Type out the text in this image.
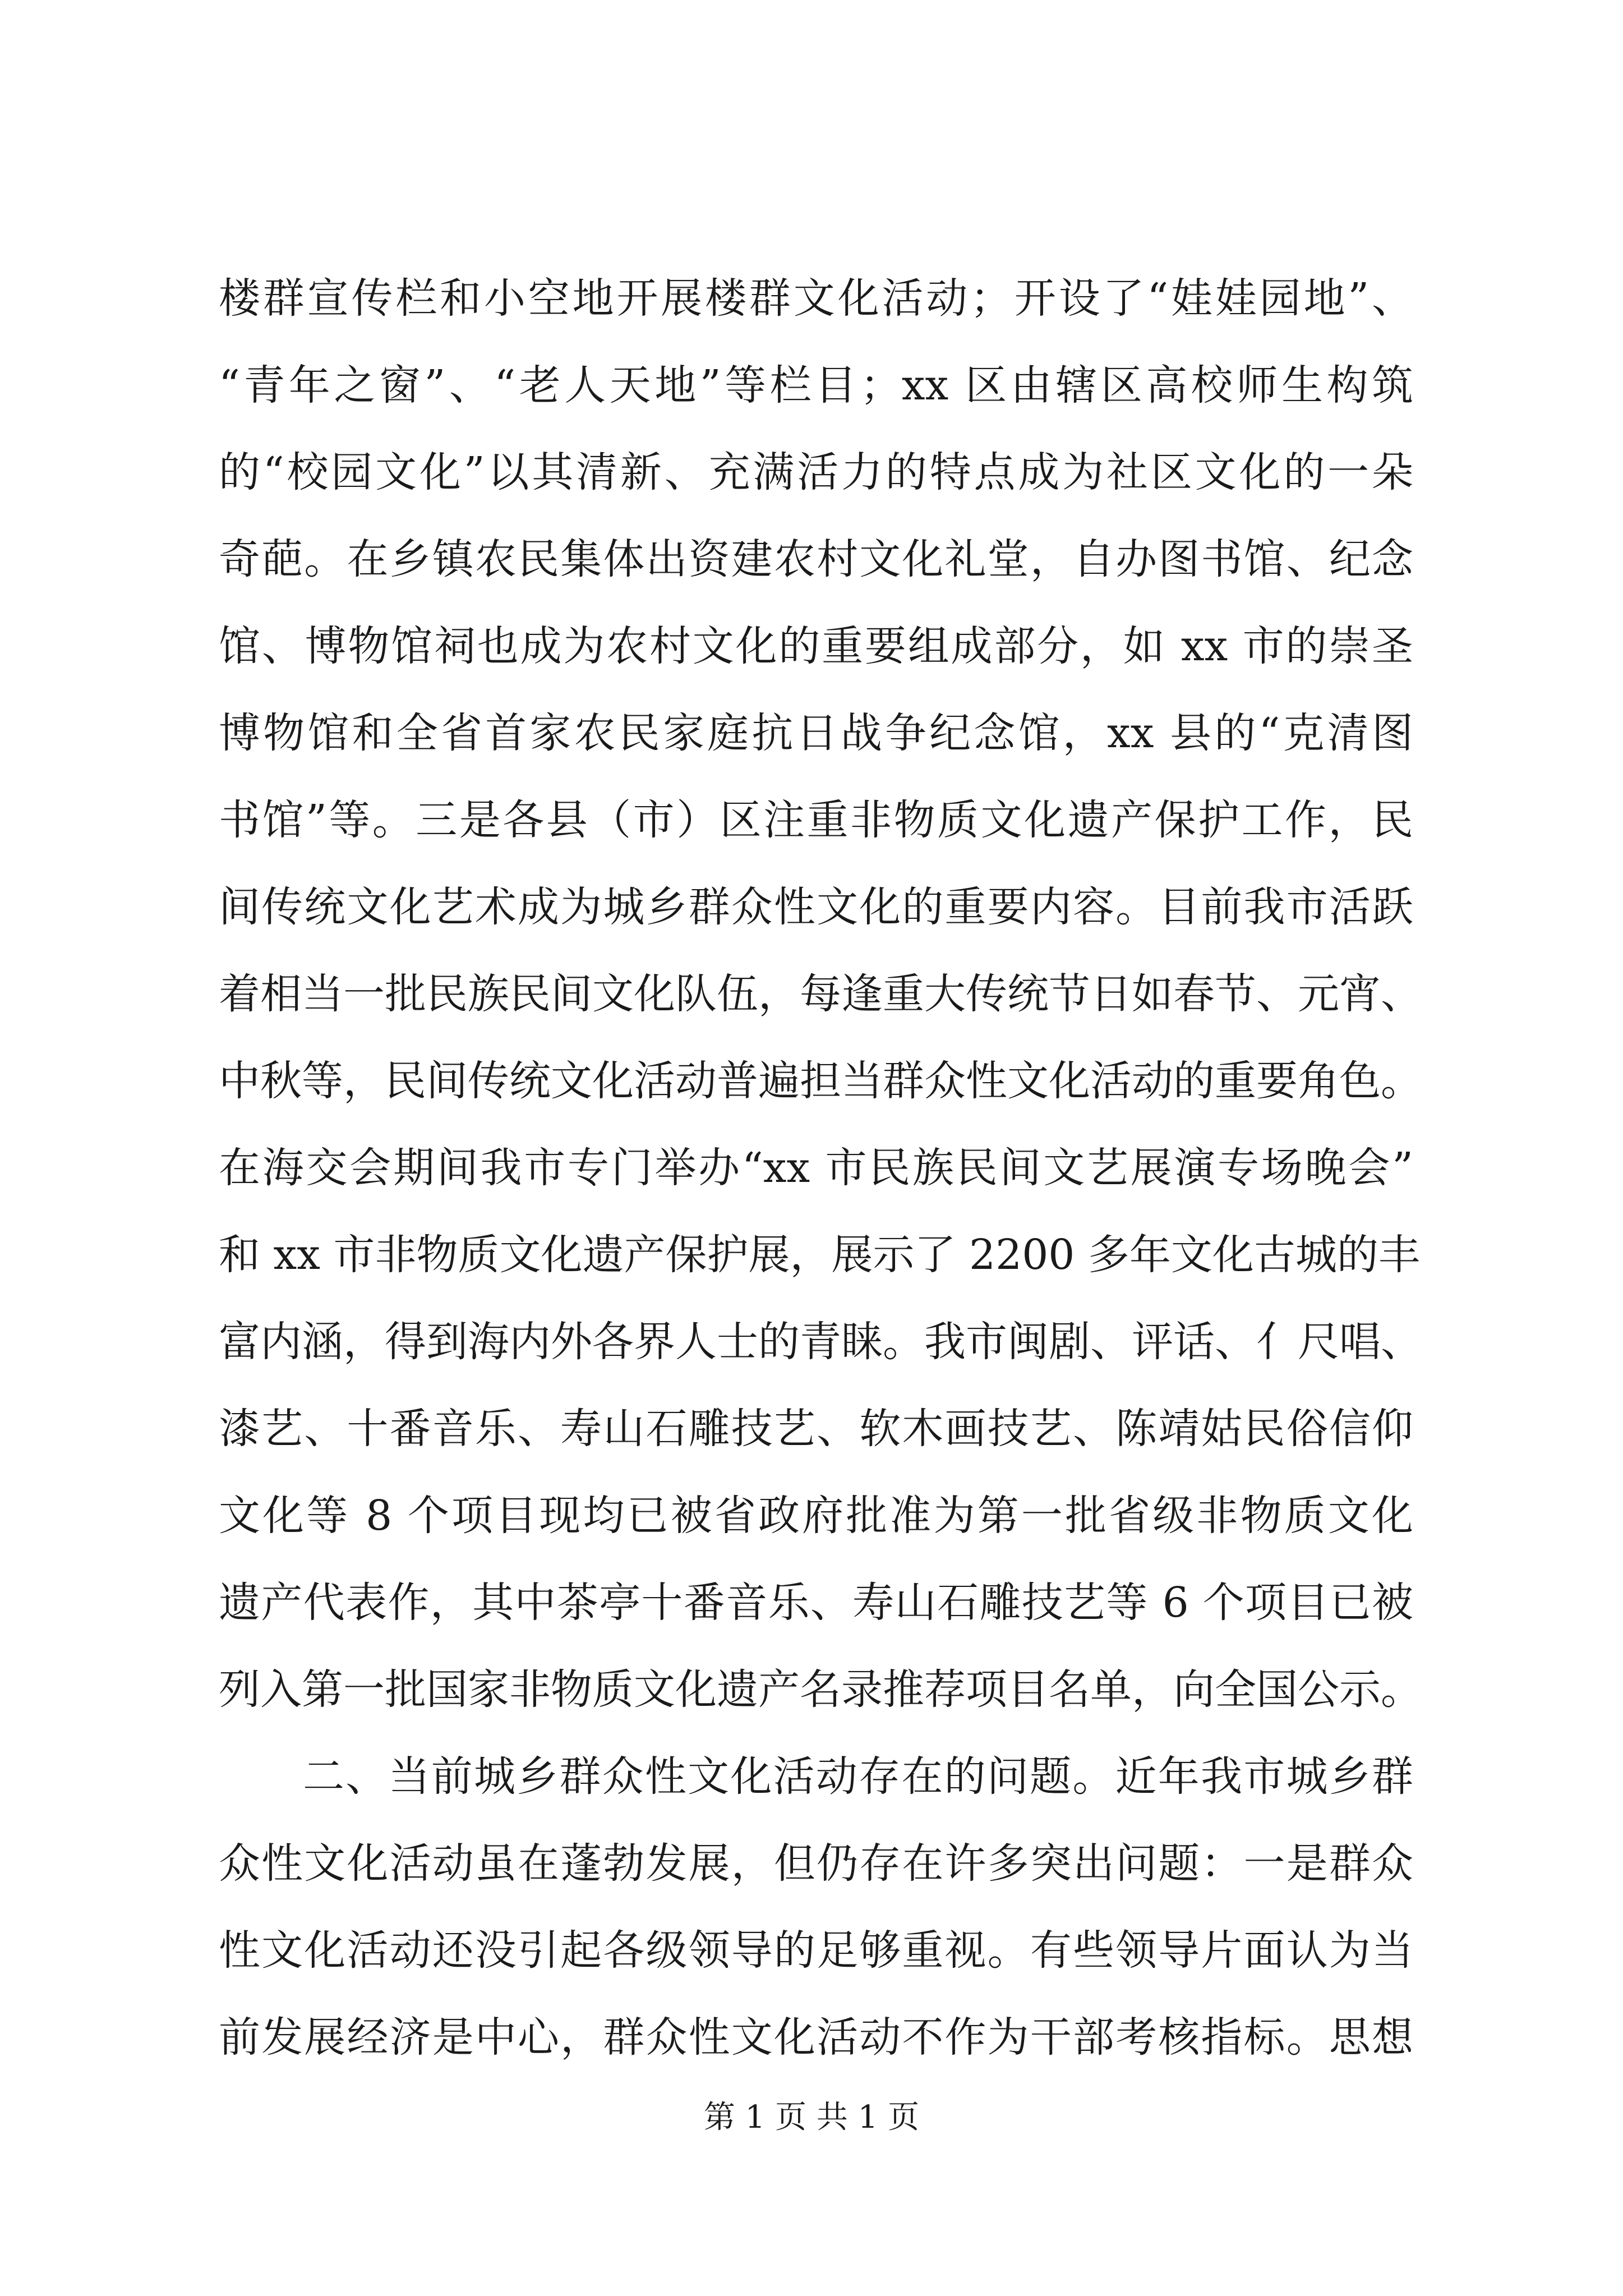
楼群宣传栏和小空地开展楼群文化活动；开设了“娃娃园地”、
“青年之窗”、“老人天地”等栏目；xx 区由辖区高校师生构筑
的“校园文化”以其清新、充满活力的特点成为社区文化的一朵
奇葩。在乡镇农民集体出资建农村文化礼堂，自办图书馆、纪念
馆、博物馆祠也成为农村文化的重要组成部分，如 xx 市的崇圣
博物馆和全省首家农民家庭抗日战争纪念馆，xx 县的“克清图
书馆”等。三是各县（市）区注重非物质文化遗产保护工作，民
间传统文化艺术成为城乡群众性文化的重要内容。目前我市活跃
着相当一批民族民间文化队伍，每逢重大传统节日如春节、元宵、
中秋等，民间传统文化活动普遍担当群众性文化活动的重要角色。
在海交会期间我市专门举办“xx 市民族民间文艺展演专场晚会”
和 xx 市非物质文化遗产保护展，展示了 2200 多年文化古城的丰
富内涵，得到海内外各界人士的青睐。我市闽剧、评话、亻尺唱、
漆艺、十番音乐、寿山石雕技艺、软木画技艺、陈靖姑民俗信仰
文化等 8 个项目现均已被省政府批准为第一批省级非物质文化
遗产代表作，其中茶亭十番音乐、寿山石雕技艺等 6 个项目已被
列入第一批国家非物质文化遗产名录推荐项目名单，向全国公示。
二、当前城乡群众性文化活动存在的问题。近年我市城乡群
众性文化活动虽在蓬勃发展，但仍存在许多突出问题：一是群众
性文化活动还没引起各级领导的足够重视。有些领导片面认为当
前发展经济是中心，群众性文化活动不作为干部考核指标。思想
第 1 页 共 1 页
